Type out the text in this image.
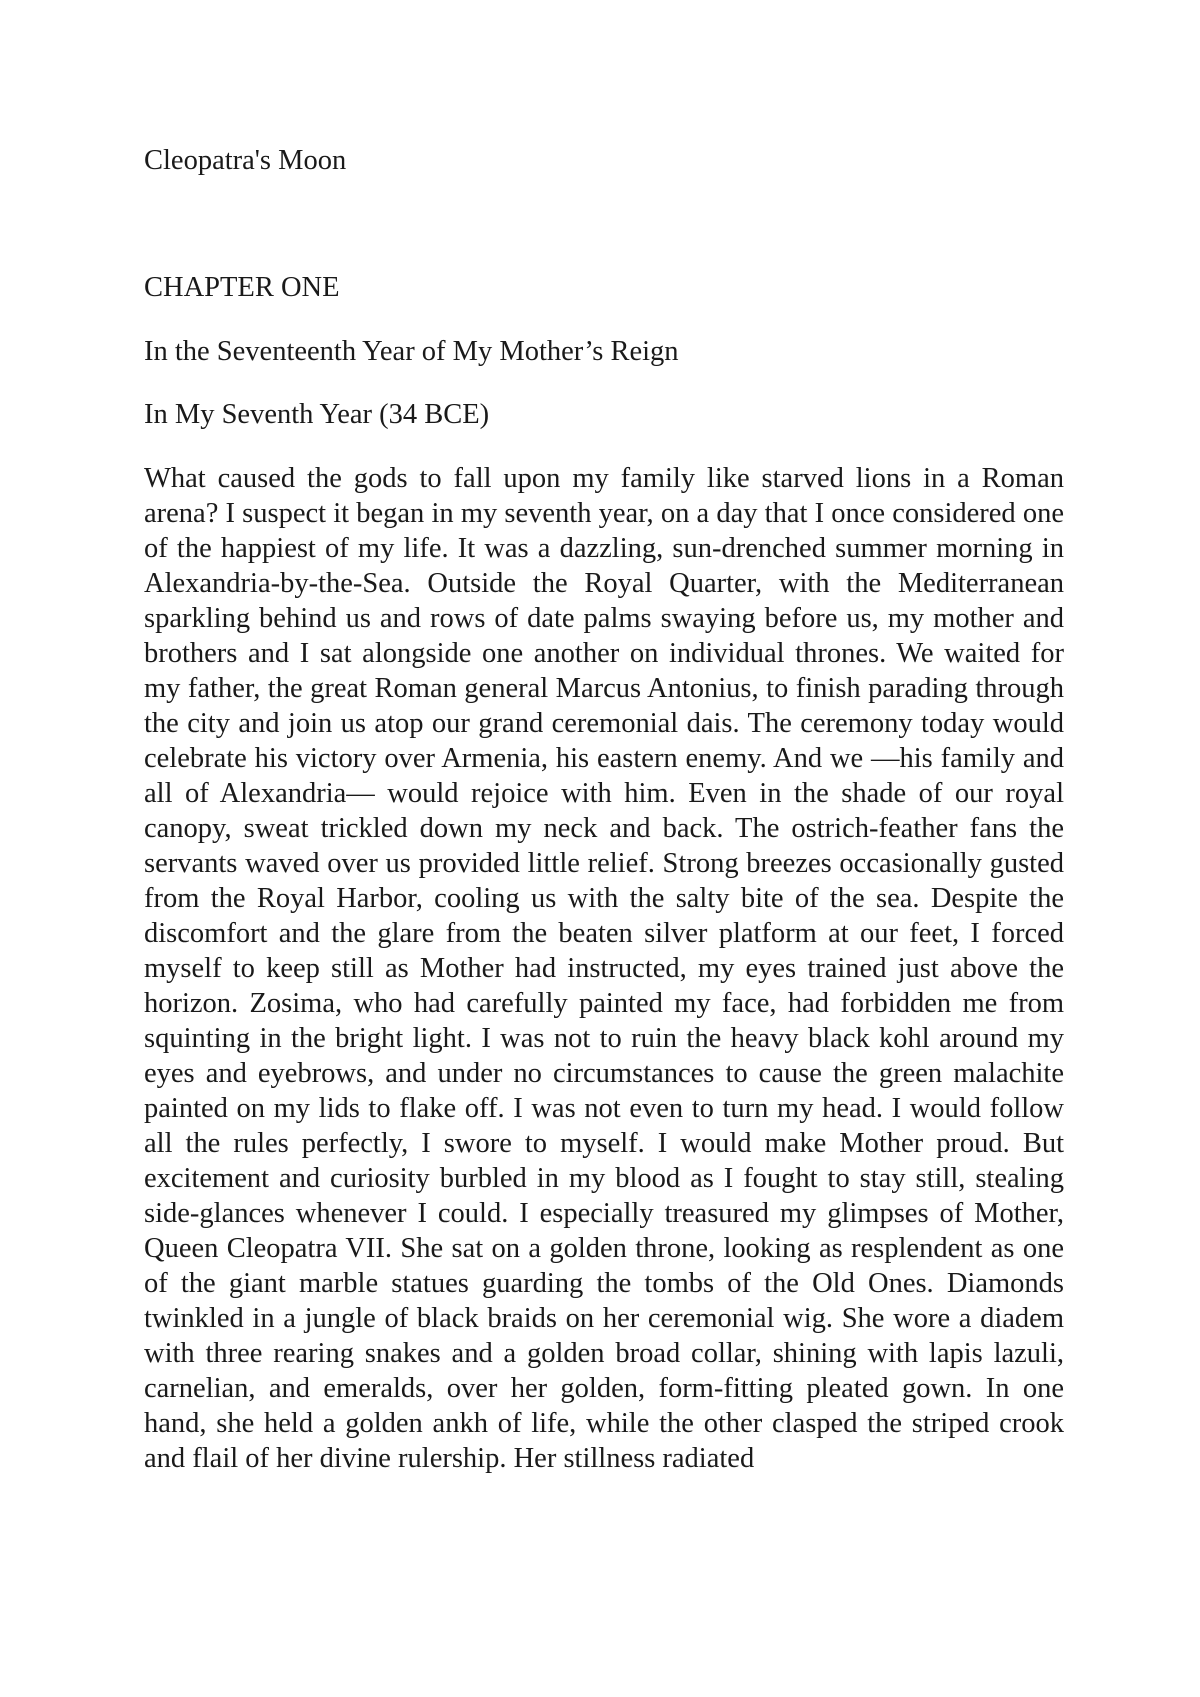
Cleopatra's Moon
CHAPTER ONE

In the Seventeenth Year of My Mother’s Reign

In My Seventh Year (34 BCE)

What caused the gods to fall upon my family like starved lions in a Roman arena? I suspect it began in my seventh year, on a day that I once considered one of the happiest of my life. It was a dazzling, sun-drenched summer morning in Alexandria-by-the-Sea. Outside the Royal Quarter, with the Mediterranean sparkling behind us and rows of date palms swaying before us, my mother and brothers and I sat alongside one another on individual thrones. We waited for my father, the great Roman general Marcus Antonius, to finish parading through the city and join us atop our grand ceremonial dais. The ceremony today would celebrate his victory over Armenia, his eastern enemy. And we —his family and all of Alexandria— would rejoice with him. Even in the shade of our royal canopy, sweat trickled down my neck and back. The ostrich-feather fans the servants waved over us provided little relief. Strong breezes occasionally gusted from the Royal Harbor, cooling us with the salty bite of the sea. Despite the discomfort and the glare from the beaten silver platform at our feet, I forced myself to keep still as Mother had instructed, my eyes trained just above the horizon. Zosima, who had carefully painted my face, had forbidden me from squinting in the bright light. I was not to ruin the heavy black kohl around my eyes and eyebrows, and under no circumstances to cause the green malachite painted on my lids to flake off. I was not even to turn my head. I would follow all the rules perfectly, I swore to myself. I would make Mother proud. But excitement and curiosity burbled in my blood as I fought to stay still, stealing side-glances whenever I could. I especially treasured my glimpses of Mother, Queen Cleopatra VII. She sat on a golden throne, looking as resplendent as one of the giant marble statues guarding the tombs of the Old Ones. Diamonds twinkled in a jungle of black braids on her ceremonial wig. She wore a diadem with three rearing snakes and a golden broad collar, shining with lapis lazuli, carnelian, and emeralds, over her golden, form-fitting pleated gown. In one hand, she held a golden ankh of life, while the other clasped the striped crook and flail of her divine rulership. Her stillness radiated
